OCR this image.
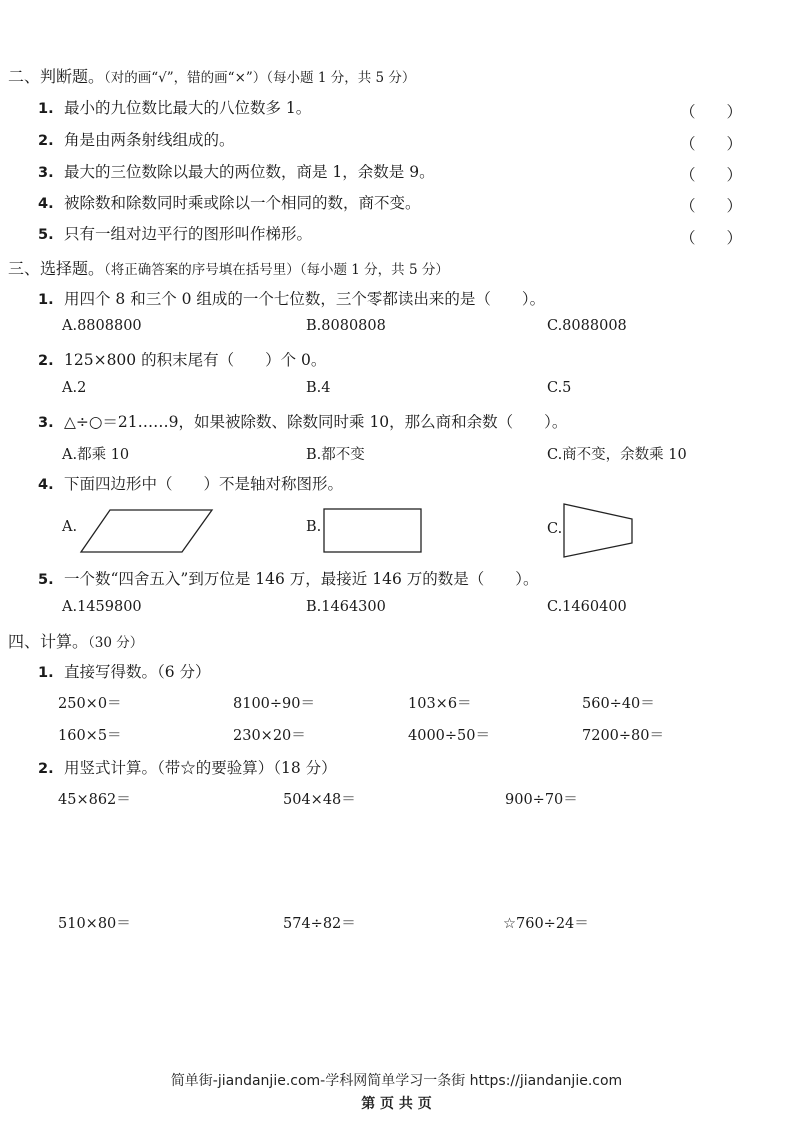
二、判断题。（对的画“√”，错的画“×”）（每小题 1 分，共 5 分）
1. 最小的九位数比最大的八位数多 1。	（　　）
2. 角是由两条射线组成的。	（　　）
3. 最大的三位数除以最大的两位数，商是 1，余数是 9。	（　　）
4. 被除数和除数同时乘或除以一个相同的数，商不变。	（　　）
5. 只有一组对边平行的图形叫作梯形。	（　　）
三、选择题。（将正确答案的序号填在括号里）（每小题 1 分，共 5 分）
1. 用四个 8 和三个 0 组成的一个七位数，三个零都读出来的是（　　）。
A.8808800	B.8080808	C.8088008
2. 125×800 的积末尾有（　　）个 0。
A.2	B.4	C.5
3. △÷○＝21……9，如果被除数、除数同时乘 10，那么商和余数（　　）。
A.都乘 10	B.都不变	C.商不变，余数乘 10
4. 下面四边形中（　　）不是轴对称图形。
A.	B.	C.
5. 一个数“四舍五入”到万位是 146 万，最接近 146 万的数是（　　）。
A.1459800	B.1464300	C.1460400
四、计算。（30 分）
1. 直接写得数。（6 分）
250×0＝	8100÷90＝	103×6＝	560÷40＝
160×5＝	230×20＝	4000÷50＝	7200÷80＝
2. 用竖式计算。（带☆的要验算）（18 分）
45×862＝	504×48＝	900÷70＝
510×80＝	574÷82＝	☆760÷24＝
简单街-jiandanjie.com-学科网简单学习一条街 https://jiandanjie.com
第 页 共 页
